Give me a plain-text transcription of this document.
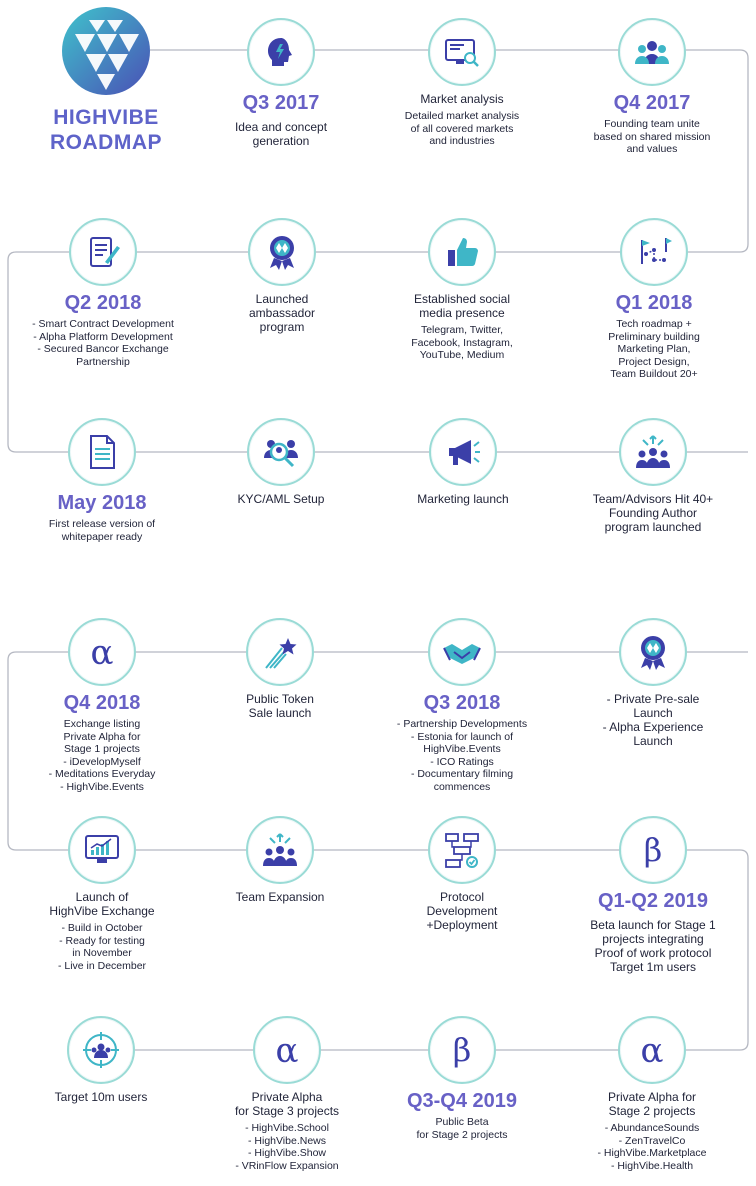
HIGHVIBE
ROADMAP
Q3 2017
Idea and concept
generation
Market analysis
Detailed market analysis
of all covered markets
and industries
Q4 2017
Founding team unite
based on shared mission
and values
Q2 2018
- Smart Contract Development
- Alpha Platform Development
- Secured Bancor Exchange
Partnership
Launched
ambassador
program
Established social
media presence
Telegram, Twitter,
Facebook, Instagram,
YouTube, Medium
Q1 2018
Tech roadmap +
Preliminary building
Marketing Plan,
Project Design,
Team Buildout 20+
May 2018
First release version of
whitepaper ready
KYC/AML Setup	Marketing launch	Team/Advisors Hit 40+
Founding Author
program launched
α
Q4 2018
Exchange listing
Private Alpha for
Stage 1 projects
- iDevelopMyself
- Meditations Everyday
- HighVibe.Events
Public Token
Sale launch	Q3 2018
- Partnership Developments
- Estonia for launch of
HighVibe.Events
- ICO Ratings
- Documentary filming
commences
- Private Pre-sale
Launch
- Alpha Experience
Launch
Launch of
HighVibe Exchange
- Build in October
- Ready for testing
in November
- Live in December
Team Expansion	Protocol
Development
+Deployment
β
Q1-Q2 2019
Beta launch for Stage 1
projects integrating
Proof of work protocol
Target 1m users
Target 10m users
α
Private Alpha
for Stage 3 projects
- HighVibe.School
- HighVibe.News
- HighVibe.Show
- VRinFlow Expansion
β
Q3-Q4 2019
Public Beta
for Stage 2 projects
α
Private Alpha for
Stage 2 projects
- AbundanceSounds
- ZenTravelCo
- HighVibe.Marketplace
- HighVibe.Health
